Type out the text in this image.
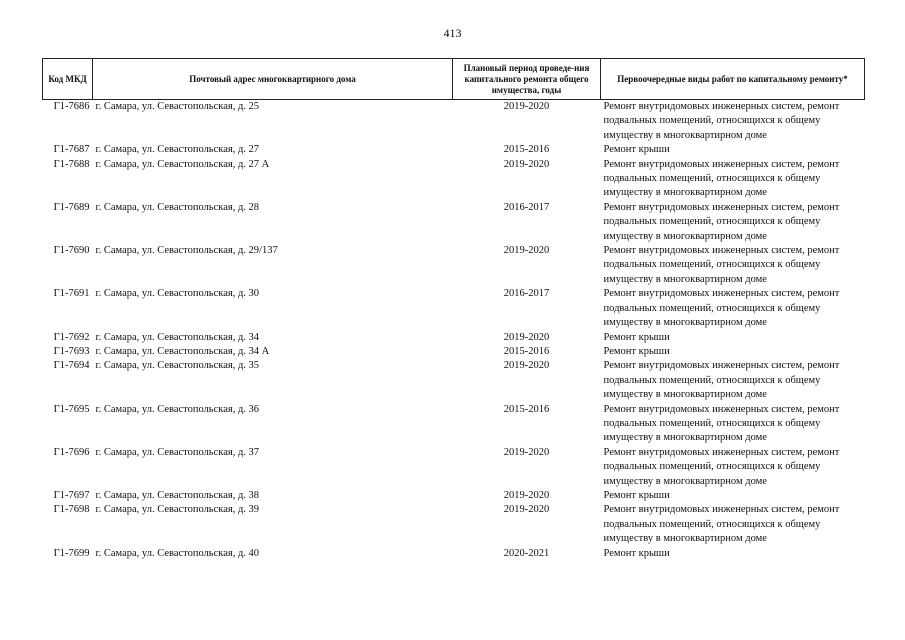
413
Код МКД	Почтовый адрес многоквартирного дома	Плановый период проведе-ния капитального ремонта общего имущества, годы	Первоочередные виды работ по капитальному ремонту*
Г1-7686	г. Самара, ул. Севастопольская, д. 25	2019-2020	Ремонт внутридомовых инженерных систем, ремонт подвальных помещений, относящихся к общему имуществу в многоквартирном доме
Г1-7687	г. Самара, ул. Севастопольская, д. 27	2015-2016	Ремонт крыши
Г1-7688	г. Самара, ул. Севастопольская, д. 27 А	2019-2020	Ремонт внутридомовых инженерных систем, ремонт подвальных помещений, относящихся к общему имуществу в многоквартирном доме
Г1-7689	г. Самара, ул. Севастопольская, д. 28	2016-2017	Ремонт внутридомовых инженерных систем, ремонт подвальных помещений, относящихся к общему имуществу в многоквартирном доме
Г1-7690	г. Самара, ул. Севастопольская, д. 29/137	2019-2020	Ремонт внутридомовых инженерных систем, ремонт подвальных помещений, относящихся к общему имуществу в многоквартирном доме
Г1-7691	г. Самара, ул. Севастопольская, д. 30	2016-2017	Ремонт внутридомовых инженерных систем, ремонт подвальных помещений, относящихся к общему имуществу в многоквартирном доме
Г1-7692	г. Самара, ул. Севастопольская, д. 34	2019-2020	Ремонт крыши
Г1-7693	г. Самара, ул. Севастопольская, д. 34 А	2015-2016	Ремонт крыши
Г1-7694	г. Самара, ул. Севастопольская, д. 35	2019-2020	Ремонт внутридомовых инженерных систем, ремонт подвальных помещений, относящихся к общему имуществу в многоквартирном доме
Г1-7695	г. Самара, ул. Севастопольская, д. 36	2015-2016	Ремонт внутридомовых инженерных систем, ремонт подвальных помещений, относящихся к общему имуществу в многоквартирном доме
Г1-7696	г. Самара, ул. Севастопольская, д. 37	2019-2020	Ремонт внутридомовых инженерных систем, ремонт подвальных помещений, относящихся к общему имуществу в многоквартирном доме
Г1-7697	г. Самара, ул. Севастопольская, д. 38	2019-2020	Ремонт крыши
Г1-7698	г. Самара, ул. Севастопольская, д. 39	2019-2020	Ремонт внутридомовых инженерных систем, ремонт подвальных помещений, относящихся к общему имуществу в многоквартирном доме
Г1-7699	г. Самара, ул. Севастопольская, д. 40	2020-2021	Ремонт крыши
